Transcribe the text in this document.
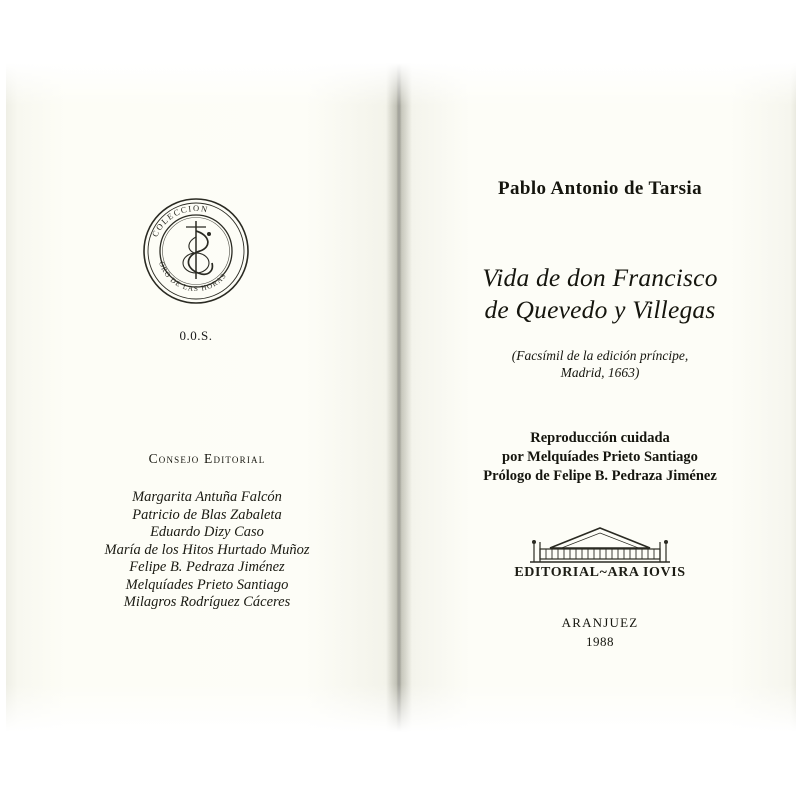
COLECCION
ORO DE LAS HORAS
0.0.S.
Consejo Editorial
Margarita Antuña Falcón
Patricio de Blas Zabaleta
Eduardo Dizy Caso
María de los Hitos Hurtado Muñoz
Felipe B. Pedraza Jiménez
Melquíades Prieto Santiago
Milagros Rodríguez Cáceres
Pablo Antonio de Tarsia
Vida de don Francisco
de Quevedo y Villegas
(Facsímil de la edición príncipe,
Madrid, 1663)
Reproducción cuidada
por Melquíades Prieto Santiago
Prólogo de Felipe B. Pedraza Jiménez
EDITORIAL~ARA IOVIS
ARANJUEZ
1988
